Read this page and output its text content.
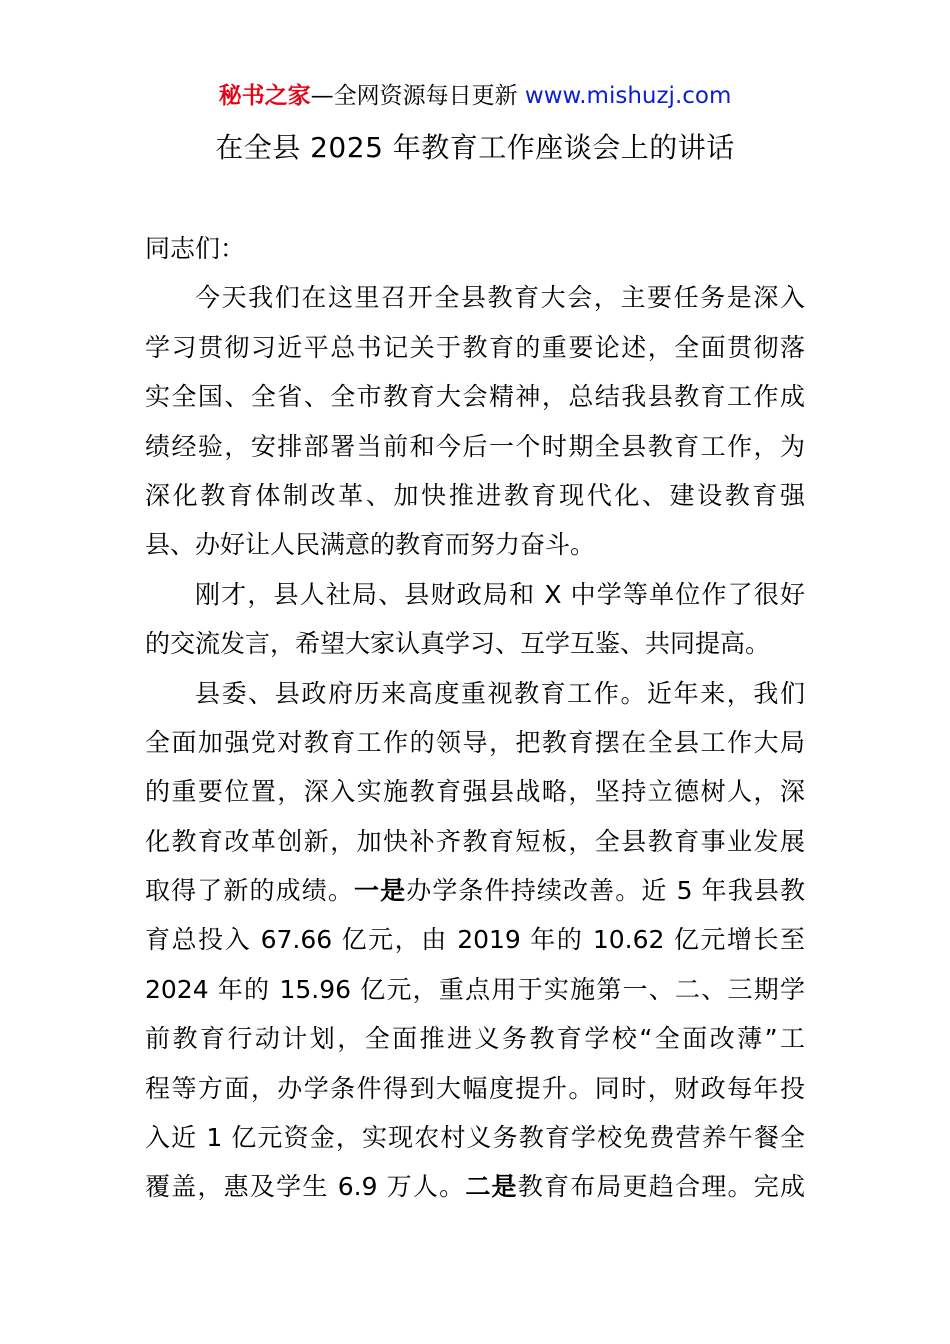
秘书之家—全网资源每日更新 www.mishuzj.com
在全县 2025 年教育工作座谈会上的讲话
同志们：
今天我们在这里召开全县教育大会，主要任务是深入
学习贯彻习近平总书记关于教育的重要论述，全面贯彻落
实全国、全省、全市教育大会精神，总结我县教育工作成
绩经验，安排部署当前和今后一个时期全县教育工作，为
深化教育体制改革、加快推进教育现代化、建设教育强
县、办好让人民满意的教育而努力奋斗。
刚才，县人社局、县财政局和 X 中学等单位作了很好
的交流发言，希望大家认真学习、互学互鉴、共同提高。
县委、县政府历来高度重视教育工作。近年来，我们
全面加强党对教育工作的领导，把教育摆在全县工作大局
的重要位置，深入实施教育强县战略，坚持立德树人，深
化教育改革创新，加快补齐教育短板，全县教育事业发展
取得了新的成绩。一是办学条件持续改善。近 5 年我县教
育总投入 67.66 亿元，由 2019 年的 10.62 亿元增长至
2024 年的 15.96 亿元，重点用于实施第一、二、三期学
前教育行动计划，全面推进义务教育学校“全面改薄”工
程等方面，办学条件得到大幅度提升。同时，财政每年投
入近 1 亿元资金，实现农村义务教育学校免费营养午餐全
覆盖，惠及学生 6.9 万人。二是教育布局更趋合理。完成
